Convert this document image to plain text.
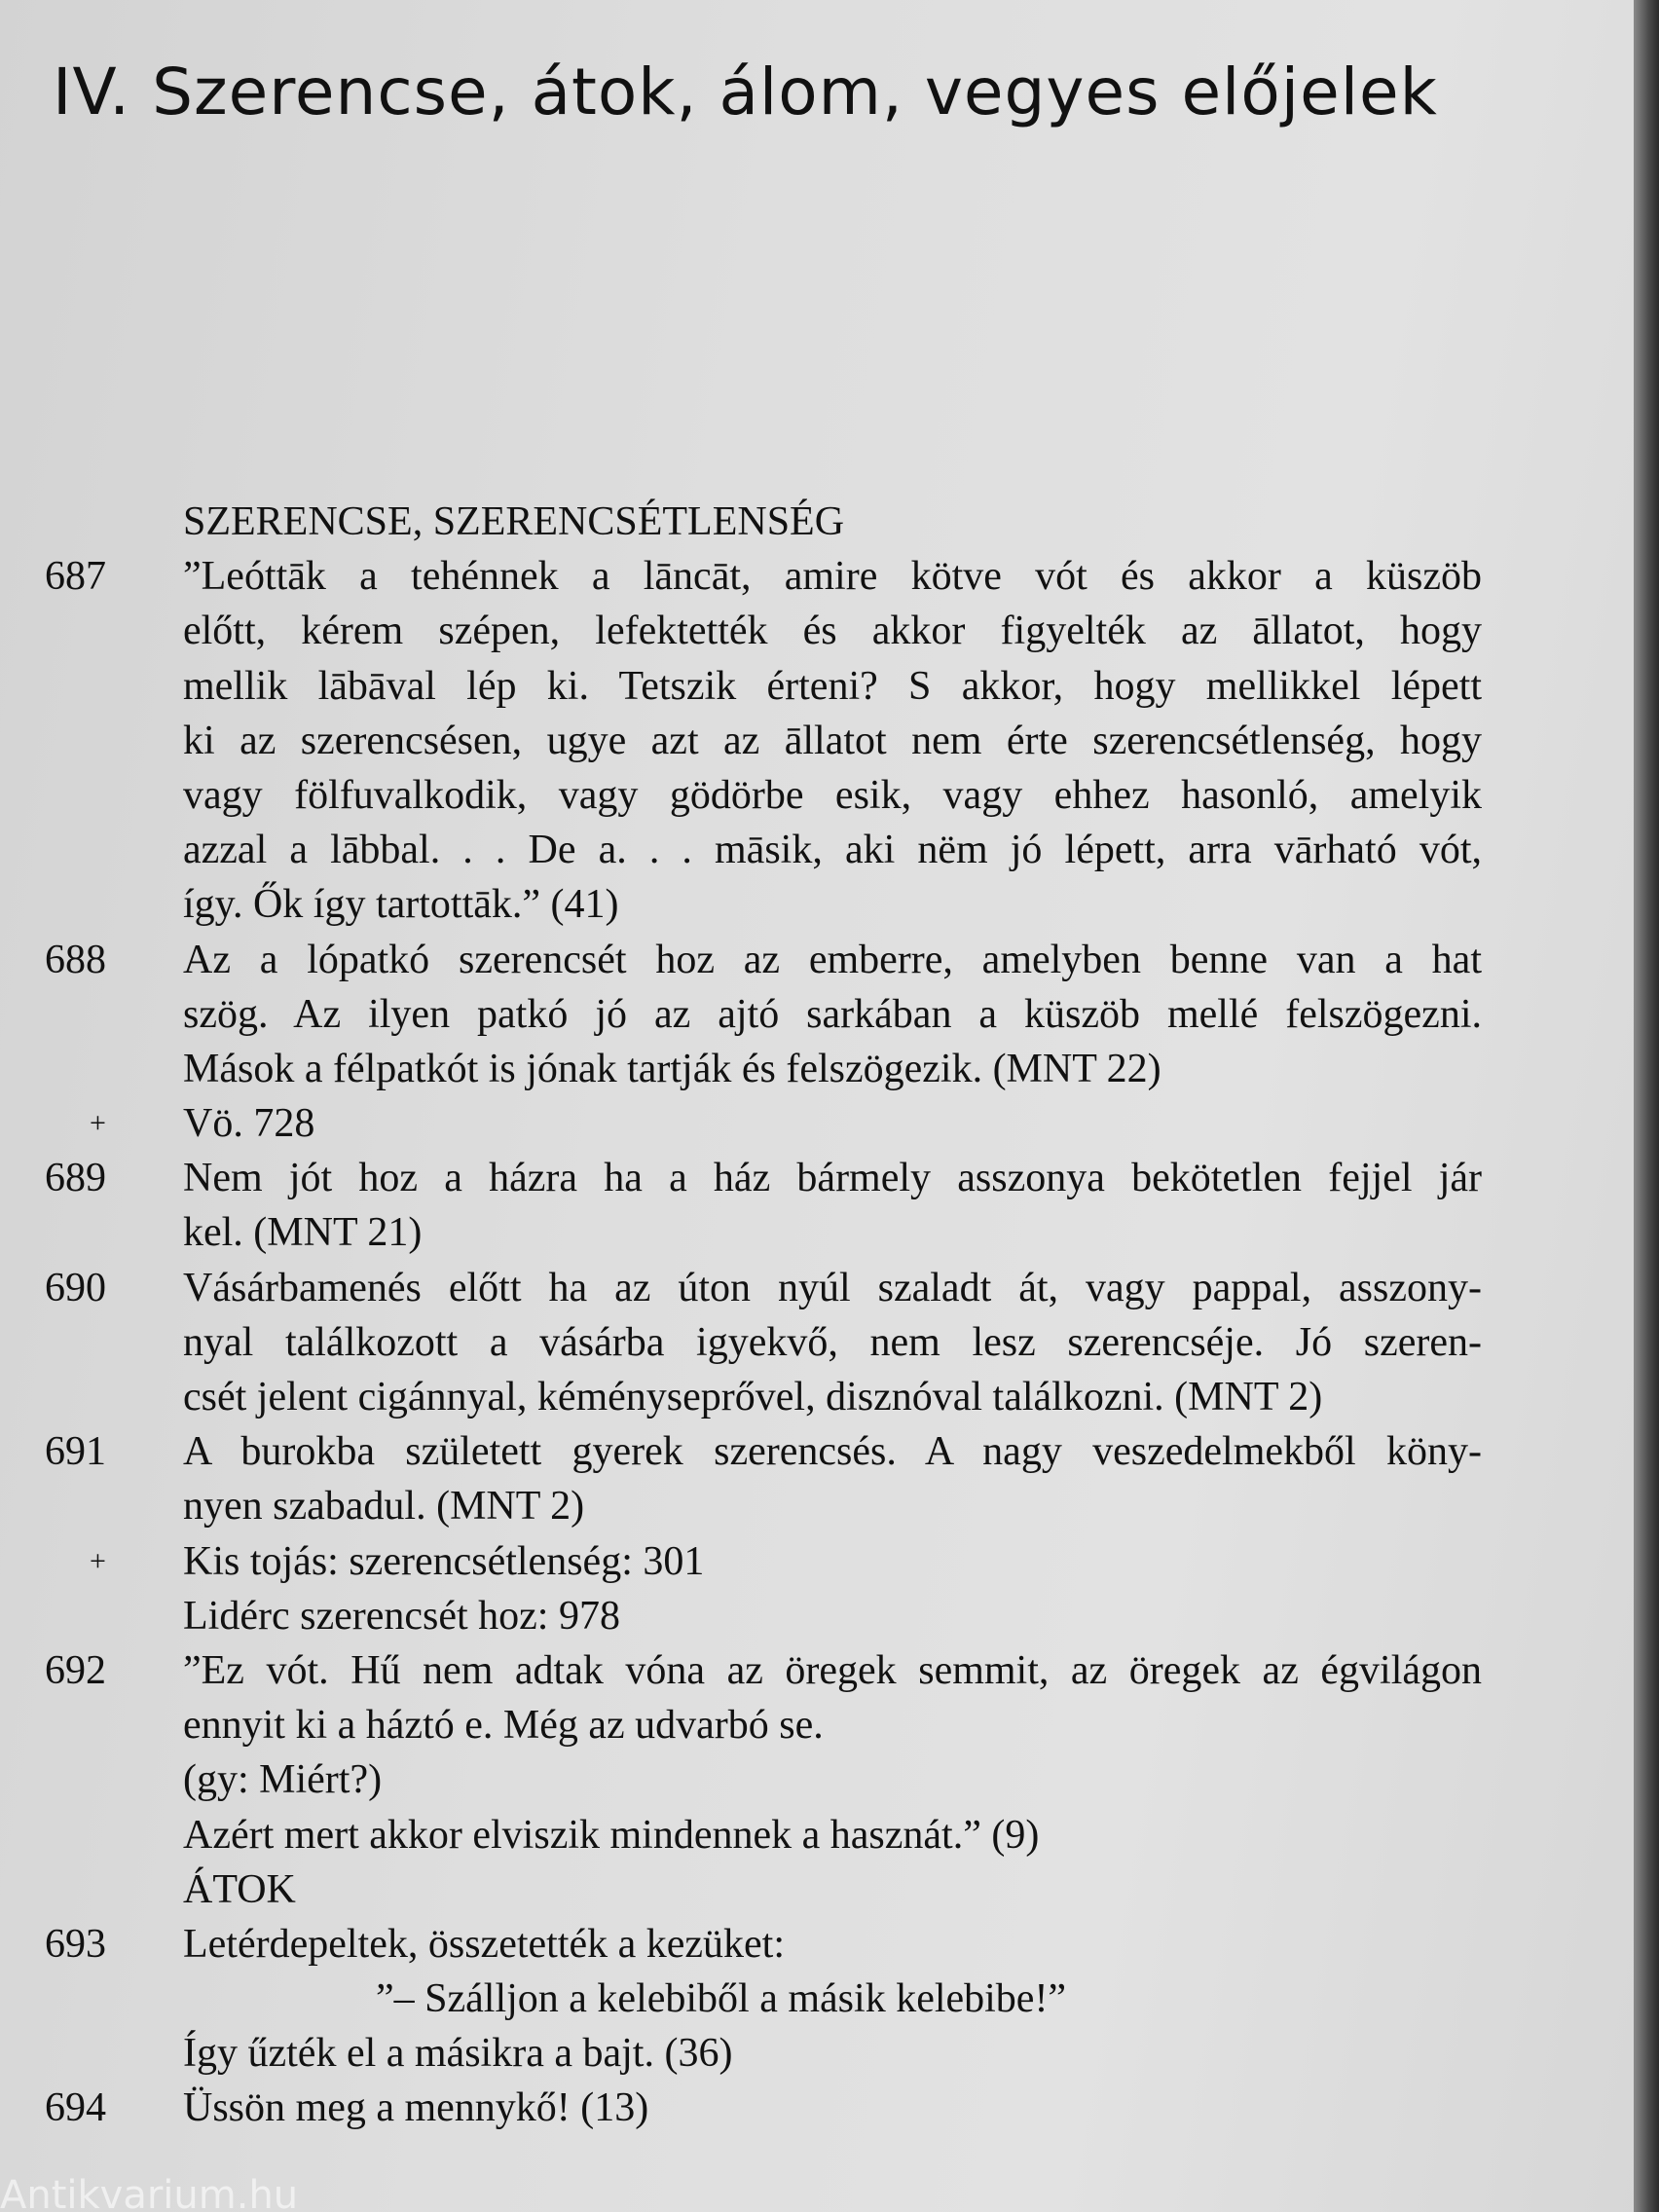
IV. Szerencse, átok, álom, vegyes előjelek
SZERENCSE, SZERENCSÉTLENSÉG
687	”Leóttāk a tehénnek a lāncāt, amire kötve vót és akkor a küszöb
előtt, kérem szépen, lefektették és akkor figyelték az āllatot, hogy
mellik lābāval lép ki. Tetszik érteni? S akkor, hogy mellikkel lépett
ki az szerencsésen, ugye azt az āllatot nem érte szerencsétlenség, hogy
vagy fölfuvalkodik, vagy gödörbe esik, vagy ehhez hasonló, amelyik
azzal a lābbal. . . De a. . . māsik, aki nëm jó lépett, arra vārható vót,
így. Ők így tartottāk.” (41)
688	Az a lópatkó szerencsét hoz az emberre, amelyben benne van a hat
szög. Az ilyen patkó jó az ajtó sarkában a küszöb mellé felszögezni.
Mások a félpatkót is jónak tartják és felszögezik. (MNT 22)
+ Vö. 728
689	Nem jót hoz a házra ha a ház bármely asszonya bekötetlen fejjel jár
kel. (MNT 21)
690	Vásárbamenés előtt ha az úton nyúl szaladt át, vagy pappal, asszony-
nyal találkozott a vásárba igyekvő, nem lesz szerencséje. Jó szeren-
csét jelent cigánnyal, kéményseprővel, disznóval találkozni. (MNT 2)
691	A burokba született gyerek szerencsés. A nagy veszedelmekből köny-
nyen szabadul. (MNT 2)
+ Kis tojás: szerencsétlenség: 301
Lidérc szerencsét hoz: 978
692	”Ez vót. Hű nem adtak vóna az öregek semmit, az öregek az égvilágon
ennyit ki a háztó e. Még az udvarbó se.
(gy: Miért?)
Azért mert akkor elviszik mindennek a hasznát.” (9)
ÁTOK
693	Letérdepeltek, összetették a kezüket:
”– Szálljon a kelebiből a másik kelebibe!”
Így űzték el a másikra a bajt. (36)
694	Üssön meg a mennykő! (13)
Antikvarium.hu
